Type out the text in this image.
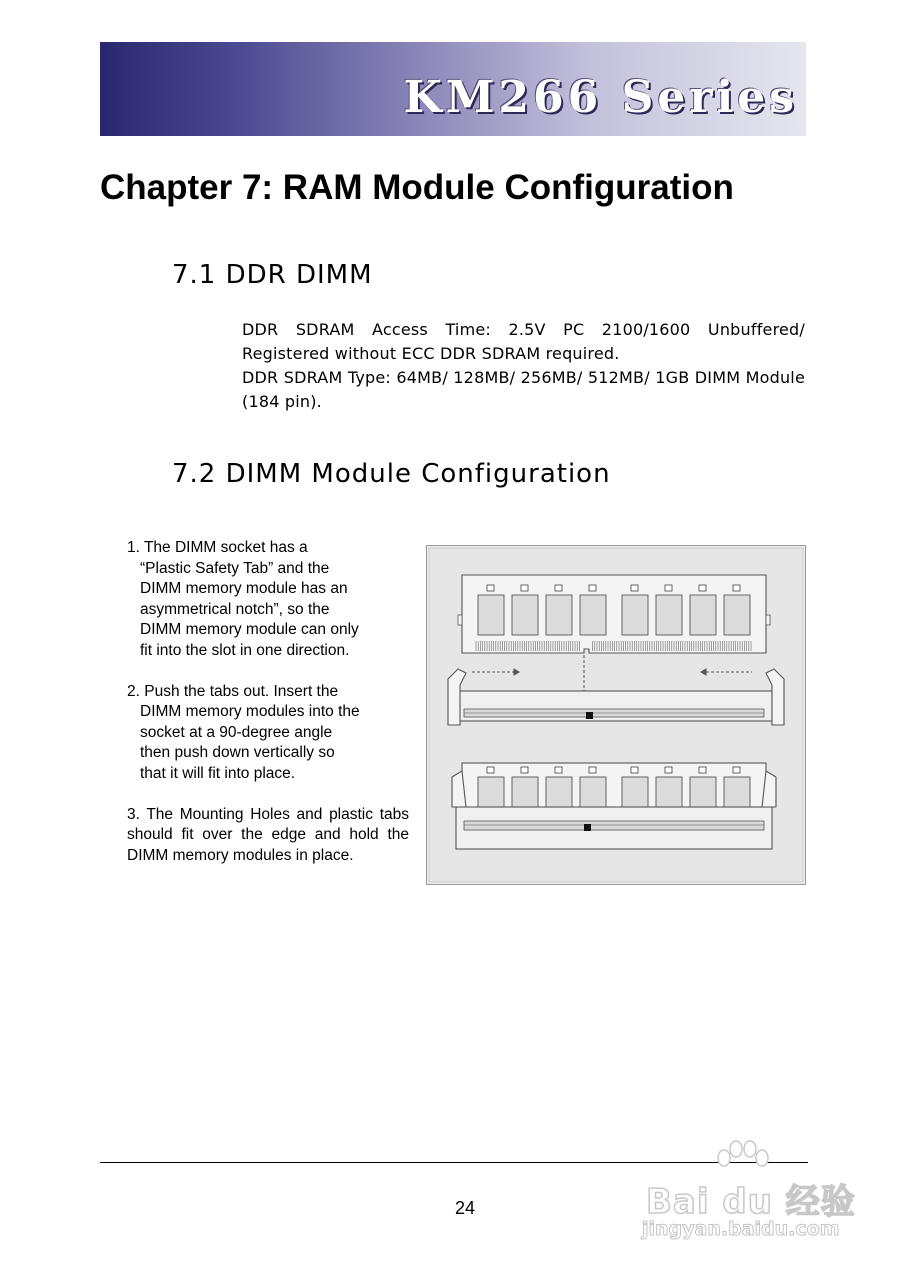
KM266 Series
Chapter 7: RAM Module Configuration
7.1 DDR DIMM

DDR SDRAM Access Time: 2.5V PC 2100/1600 Unbuffered/ Registered without ECC DDR SDRAM required.

DDR SDRAM Type: 64MB/ 128MB/ 256MB/ 512MB/ 1GB DIMM Module (184 pin).

7.2 DIMM Module Configuration
1. The DIMM socket has a
“Plastic Safety Tab” and the
DIMM memory module has an
asymmetrical notch”, so the
DIMM memory module can only
fit into the slot in one direction.
2. Push the tabs out. Insert the
DIMM memory modules into the
socket at a 90-degree angle
then push down vertically so
that it will fit into place.
3. The Mounting Holes and plastic tabs should fit over the edge and hold the DIMM memory modules in place.
24	Bai du 经验
jingyan.baidu.com
